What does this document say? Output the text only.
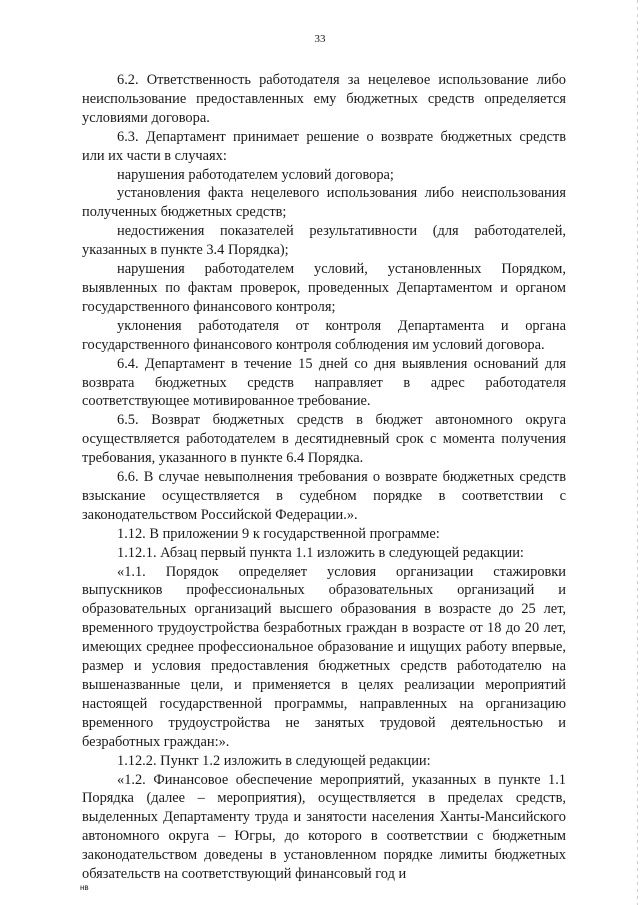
33

6.2. Ответственность работодателя за нецелевое использование либо неиспользование предоставленных ему бюджетных средств определяется условиями договора.

6.3. Департамент принимает решение о возврате бюджетных средств или их части в случаях:

нарушения работодателем условий договора;

установления факта нецелевого использования либо неиспользования полученных бюджетных средств;

недостижения показателей результативности (для работодателей, указанных в пункте 3.4 Порядка);

нарушения работодателем условий, установленных Порядком, выявленных по фактам проверок, проведенных Департаментом и органом государственного финансового контроля;

уклонения работодателя от контроля Департамента и органа государственного финансового контроля соблюдения им условий договора.

6.4. Департамент в течение 15 дней со дня выявления оснований для возврата бюджетных средств направляет в адрес работодателя соответствующее мотивированное требование.

6.5. Возврат бюджетных средств в бюджет автономного округа осуществляется работодателем в десятидневный срок с момента получения требования, указанного в пункте 6.4 Порядка.

6.6. В случае невыполнения требования о возврате бюджетных средств взыскание осуществляется в судебном порядке в соответствии с законодательством Российской Федерации.».

1.12. В приложении 9 к государственной программе:

1.12.1. Абзац первый пункта 1.1 изложить в следующей редакции:

«1.1. Порядок определяет условия организации стажировки выпускников профессиональных образовательных организаций и образовательных организаций высшего образования в возрасте до 25 лет, временного трудоустройства безработных граждан в возрасте от 18 до 20 лет, имеющих среднее профессиональное образование и ищущих работу впервые, размер и условия предоставления бюджетных средств работодателю на вышеназванные цели, и применяется в целях реализации мероприятий настоящей государственной программы, направленных на организацию временного трудоустройства не занятых трудовой деятельностью и безработных граждан:».

1.12.2. Пункт 1.2 изложить в следующей редакции:

«1.2. Финансовое обеспечение мероприятий, указанных в пункте 1.1 Порядка (далее – мероприятия), осуществляется в пределах средств, выделенных Департаменту труда и занятости населения Ханты-Мансийского автономного округа – Югры, до которого в соответствии с бюджетным законодательством доведены в установленном порядке лимиты бюджетных обязательств на соответствующий финансовый год и

нв
